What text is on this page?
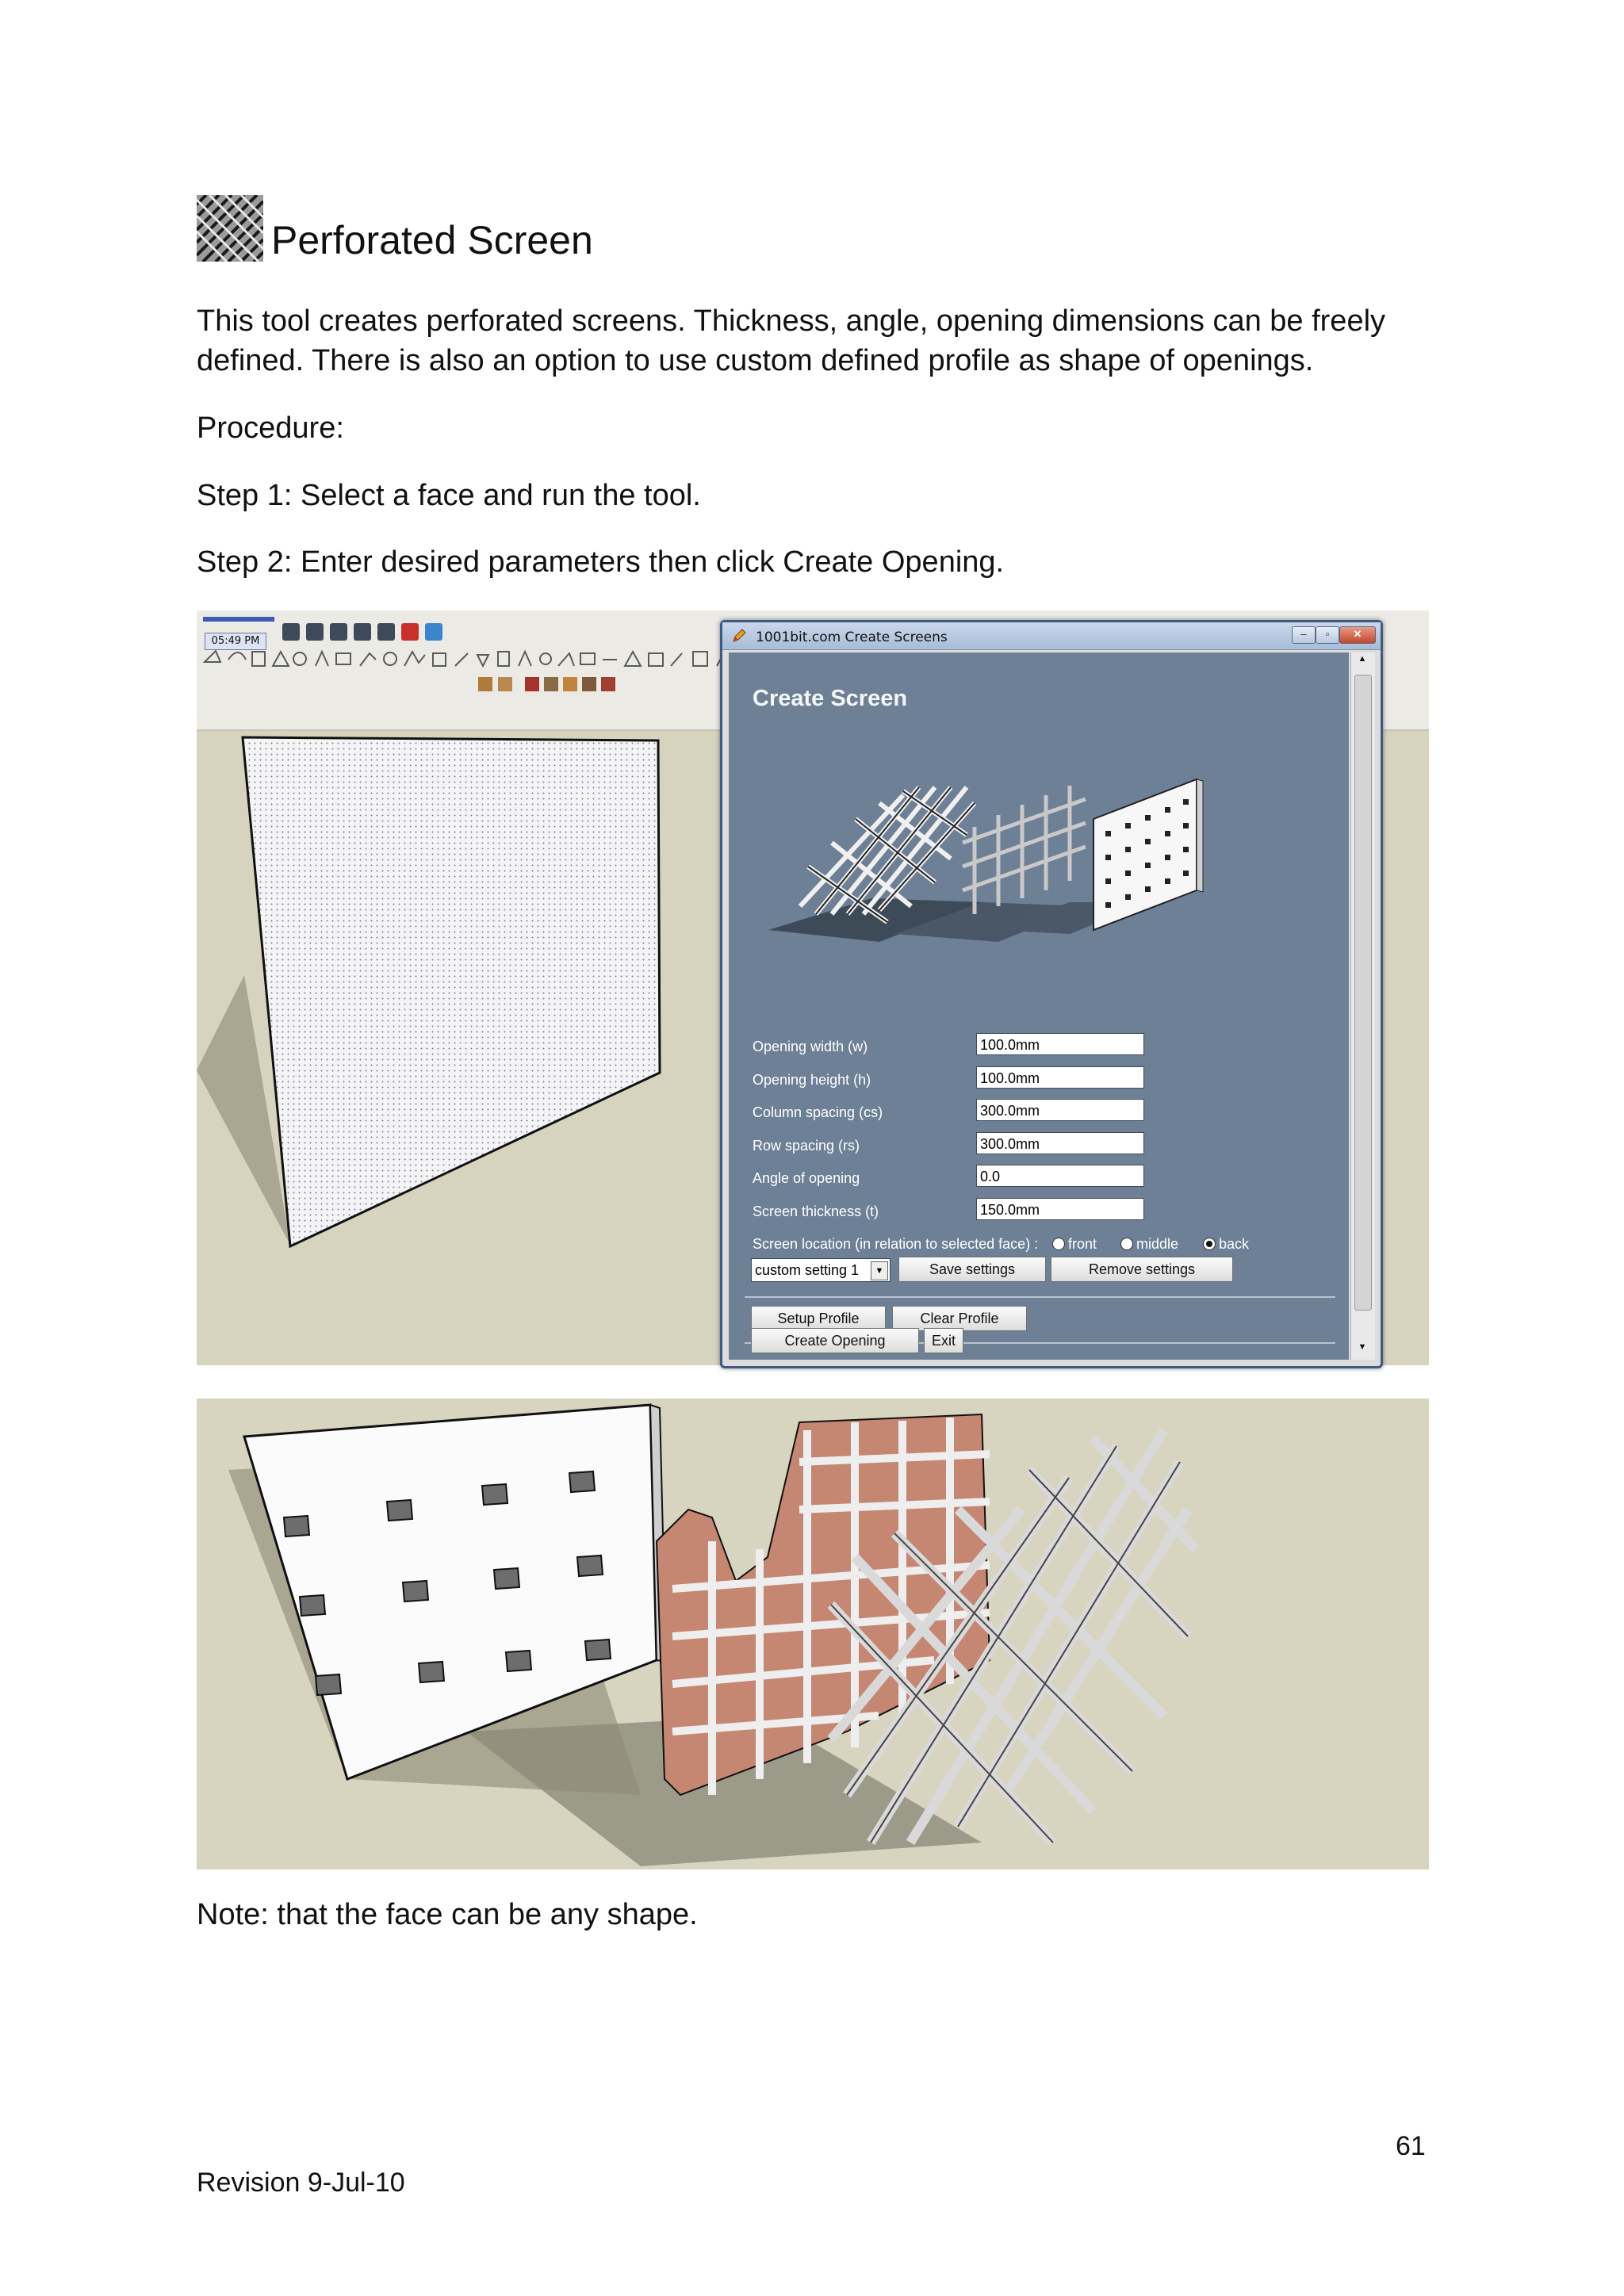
Perforated Screen
This tool creates perforated screens. Thickness, angle, opening dimensions can be freely defined. There is also an option to use custom defined profile as shape of openings.
Procedure:
Step 1: Select a face and run the tool.
Step 2: Enter desired parameters then click Create Opening.
05:49 PM	1001bit.com Create Screens	–	▫	✕
Create Screen
Opening width (w)	100.0mm
Opening height (h)	100.0mm
Column spacing (cs)	300.0mm
Row spacing (rs)	300.0mm
Angle of opening	0.0
Screen thickness (t)	150.0mm
Screen location (in relation to selected face) :	front	middle	back
custom setting 1	▼	Save settings	Remove settings
Setup Profile	Clear Profile
Create Opening	Exit
▲
▼
Note: that the face can be any shape.
61
Revision 9-Jul-10
